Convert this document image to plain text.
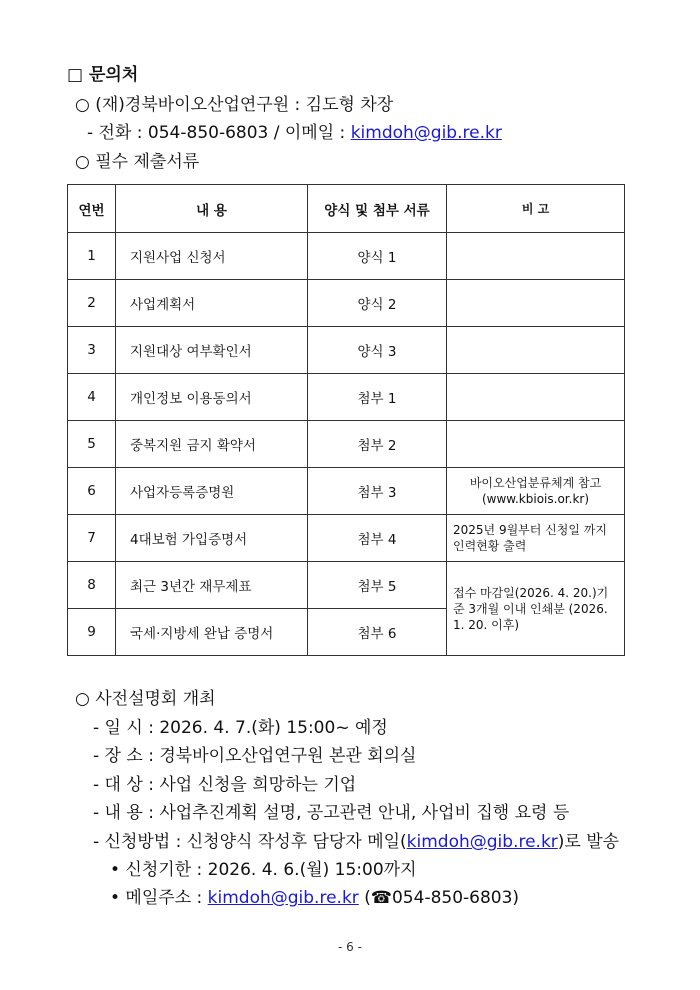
□ 문의처
○ (재)경북바이오산업연구원 : 김도형 차장
- 전화 : 054-850-6803 / 이메일 : kimdoh@gib.re.kr
○ 필수 제출서류
연번	내 용	양식 및 첨부 서류	비 고
1	지원사업 신청서	양식 1	
2	사업계획서	양식 2	
3	지원대상 여부확인서	양식 3	
4	개인정보 이용동의서	첨부 1	
5	중복지원 금지 확약서	첨부 2	
6	사업자등록증명원	첨부 3	바이오산업분류체계 참고 (www.kbiois.or.kr)
7	4대보험 가입증명서	첨부 4	2025년 9월부터 신청일 까지 인력현황 출력
8	최근 3년간 재무제표	첨부 5	접수 마감일(2026. 4. 20.)기준 3개월 이내 인쇄분 (2026. 1. 20. 이후)
9	국세·지방세 완납 증명서	첨부 6	
○ 사전설명회 개최
- 일 시 : 2026. 4. 7.(화) 15:00~ 예정
- 장 소 : 경북바이오산업연구원 본관 회의실
- 대 상 : 사업 신청을 희망하는 기업
- 내 용 : 사업추진계획 설명, 공고관련 안내, 사업비 집행 요령 등
- 신청방법 : 신청양식 작성후 담당자 메일(kimdoh@gib.re.kr)로 발송
• 신청기한 : 2026. 4. 6.(월) 15:00까지
• 메일주소 : kimdoh@gib.re.kr (☎054-850-6803)
- 6 -
